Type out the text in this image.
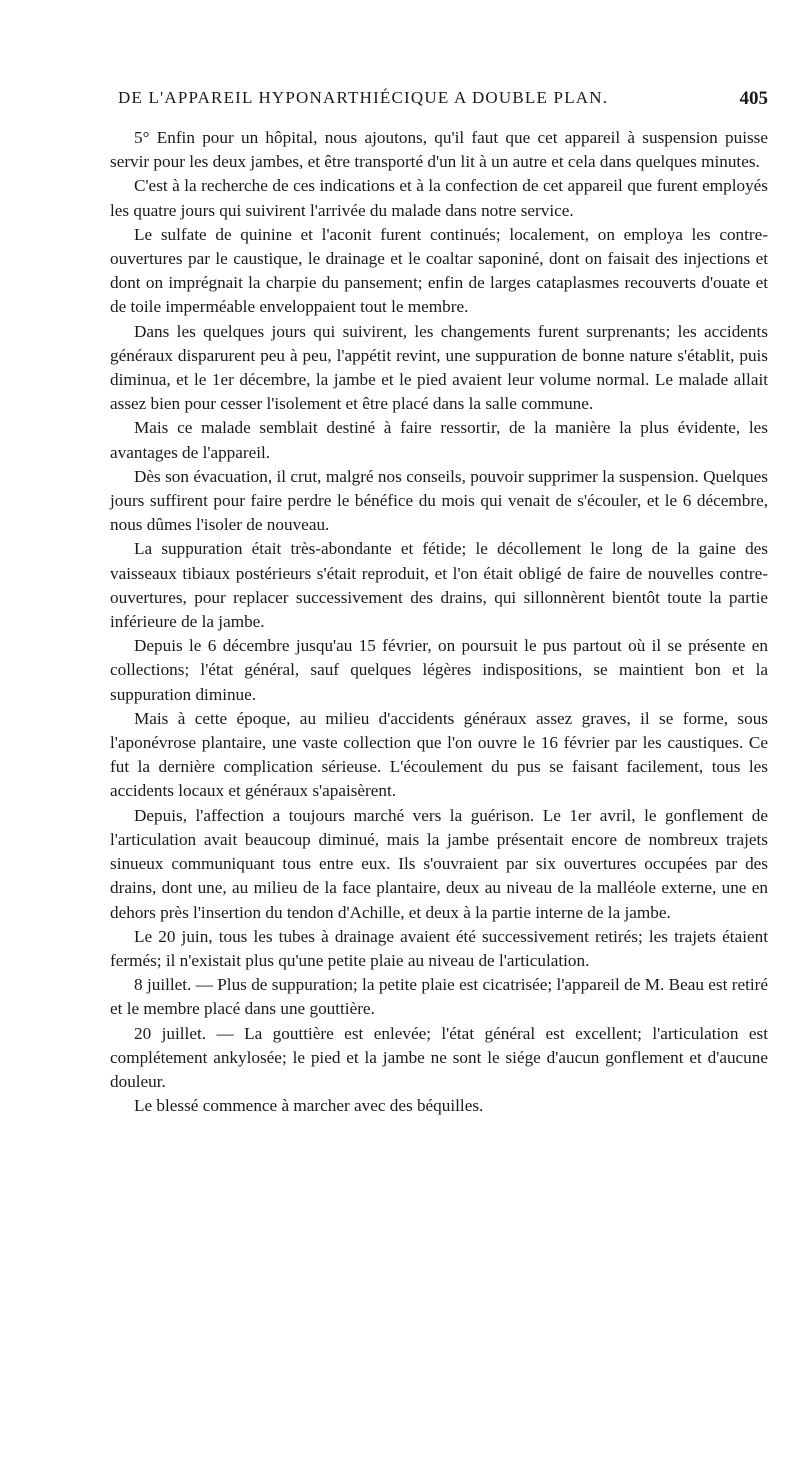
DE L'APPAREIL HYPONARTHIÉCIQUE A DOUBLE PLAN.	405

5° Enfin pour un hôpital, nous ajoutons, qu'il faut que cet appareil à suspension puisse servir pour les deux jambes, et être transporté d'un lit à un autre et cela dans quelques minutes.

C'est à la recherche de ces indications et à la confection de cet appareil que furent employés les quatre jours qui suivirent l'arrivée du malade dans notre service.

Le sulfate de quinine et l'aconit furent continués; localement, on employa les contre-ouvertures par le caustique, le drainage et le coaltar saponiné, dont on faisait des injections et dont on imprégnait la charpie du pansement; enfin de larges cataplasmes recouverts d'ouate et de toile imperméable enveloppaient tout le membre.

Dans les quelques jours qui suivirent, les changements furent surprenants; les accidents généraux disparurent peu à peu, l'appétit revint, une suppuration de bonne nature s'établit, puis diminua, et le 1er décembre, la jambe et le pied avaient leur volume normal. Le malade allait assez bien pour cesser l'isolement et être placé dans la salle commune.

Mais ce malade semblait destiné à faire ressortir, de la manière la plus évidente, les avantages de l'appareil.

Dès son évacuation, il crut, malgré nos conseils, pouvoir supprimer la suspension. Quelques jours suffirent pour faire perdre le bénéfice du mois qui venait de s'écouler, et le 6 décembre, nous dûmes l'isoler de nouveau.

La suppuration était très-abondante et fétide; le décollement le long de la gaine des vaisseaux tibiaux postérieurs s'était reproduit, et l'on était obligé de faire de nouvelles contre-ouvertures, pour replacer successivement des drains, qui sillonnèrent bientôt toute la partie inférieure de la jambe.

Depuis le 6 décembre jusqu'au 15 février, on poursuit le pus partout où il se présente en collections; l'état général, sauf quelques légères indispositions, se maintient bon et la suppuration diminue.

Mais à cette époque, au milieu d'accidents généraux assez graves, il se forme, sous l'aponévrose plantaire, une vaste collection que l'on ouvre le 16 février par les caustiques. Ce fut la dernière complication sérieuse. L'écoulement du pus se faisant facilement, tous les accidents locaux et généraux s'apaisèrent.

Depuis, l'affection a toujours marché vers la guérison. Le 1er avril, le gonflement de l'articulation avait beaucoup diminué, mais la jambe présentait encore de nombreux trajets sinueux communiquant tous entre eux. Ils s'ouvraient par six ouvertures occupées par des drains, dont une, au milieu de la face plantaire, deux au niveau de la malléole externe, une en dehors près l'insertion du tendon d'Achille, et deux à la partie interne de la jambe.

Le 20 juin, tous les tubes à drainage avaient été successivement retirés; les trajets étaient fermés; il n'existait plus qu'une petite plaie au niveau de l'articulation.

8 juillet. — Plus de suppuration; la petite plaie est cicatrisée; l'appareil de M. Beau est retiré et le membre placé dans une gouttière.

20 juillet. — La gouttière est enlevée; l'état général est excellent; l'articulation est complétement ankylosée; le pied et la jambe ne sont le siége d'aucun gonflement et d'aucune douleur.

Le blessé commence à marcher avec des béquilles.
